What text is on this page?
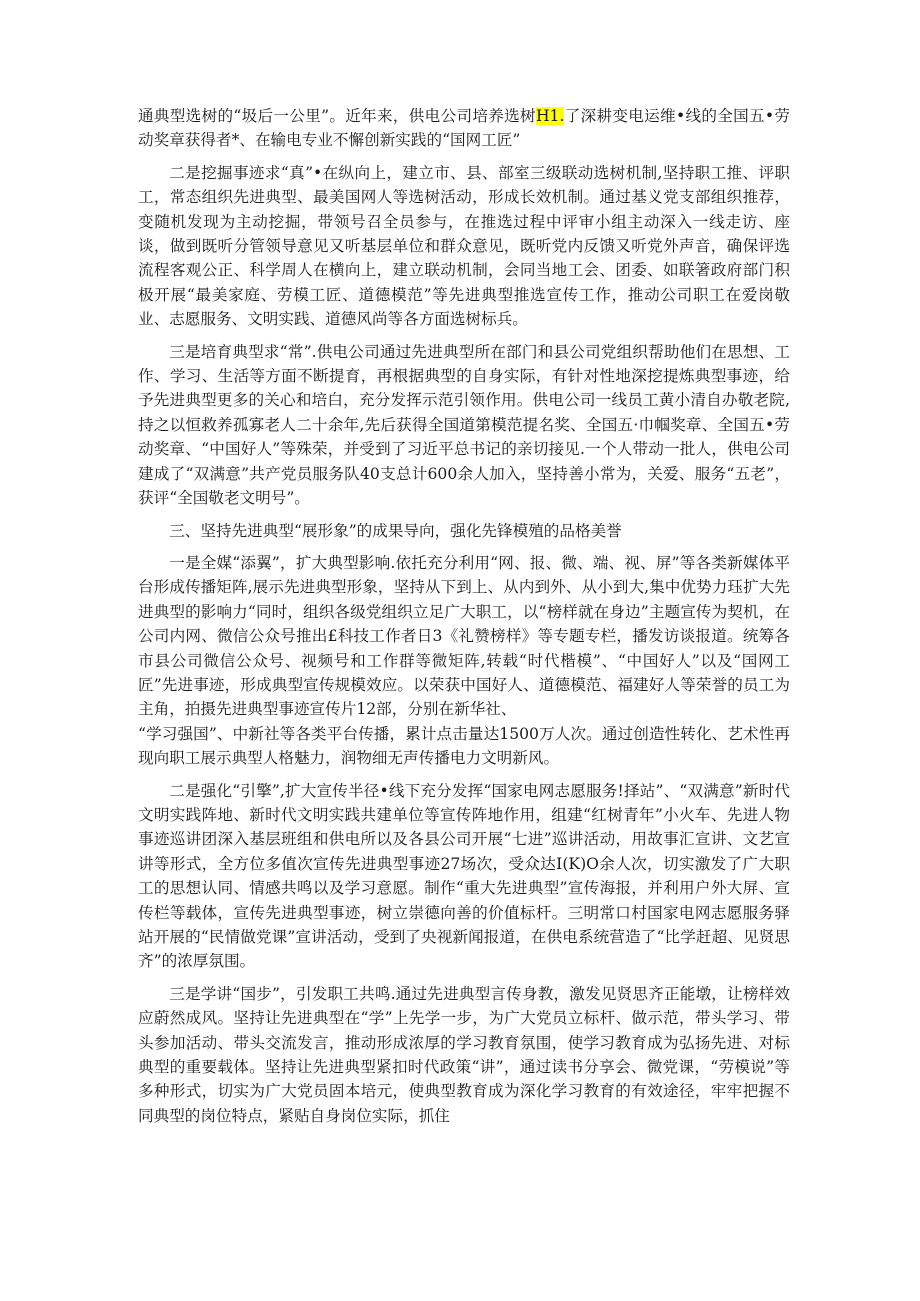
通典型选树的“圾后一公里”。近年来，供电公司培养选树H1.了深耕变电运维•线的全国五•劳动奖章获得者*、在输电专业不懈创新实践的“国网工匠”

二是挖掘事迹求“真”•在纵向上，建立市、县、部室三级联动选树机制,坚持职工推、评职工，常态组织先进典型、最美国网人等选树活动，形成长效机制。通过基义党支部组织推荐，变随机发现为主动挖掘，带领号召全员参与，在推选过程中评审小组主动深入一线走访、座谈，做到既听分管领导意见又听基层单位和群众意见，既听党内反馈又听党外声音，确保评选流程客观公正、科学周人在横向上，建立联动机制，会同当地工会、团委、如联箸政府部门积极开展“最美家庭、劳模工匠、道德模范”等先进典型推选宣传工作，推动公司职工在爱岗敬业、志愿服务、文明实践、道德风尚等各方面选树标兵。

三是培育典型求“常”.供电公司通过先进典型所在部门和县公司党组织帮助他们在思想、工作、学习、生活等方面不断提育，再根据典型的自身实际，有针对性地深挖提炼典型事迹，给予先进典型更多的关心和培白，充分发挥示范引领作用。供电公司一线员工黄小清自办敬老院,持之以恒救养孤寡老人二十余年,先后获得全国道第模范提名奖、全国五·巾帼奖章、全国五•劳动奖章、“中国好人”等殊荣，并受到了习近平总书记的亲切接见.一个人带动一批人，供电公司建成了“双满意”共产党员服务队40支总计600余人加入，坚持善小常为，关爱、服务“五老”，获评“全国敬老文明号”。

三、坚持先进典型“展形象”的成果导向，强化先锋模殖的品格美誉

一是全媒“添翼”，扩大典型影响.依托充分利用“网、报、微、端、视、屏”等各类新媒体平台形成传播矩阵,展示先进典型形象，坚持从下到上、从内到外、从小到大,集中优势力珏扩大先进典型的影响力“同时，组织各级党组织立足广大职工，以“榜样就在身边”主题宣传为契机，在公司内网、微信公众号推出£科技工作者日3《礼赞榜样》等专题专栏，播发访谈报道。统筹各市县公司微信公众号、视频号和工作群等微矩阵,转载“时代楷模”、“中国好人”以及“国网工匠”先进事迹，形成典型宣传规模效应。以荣获中国好人、道德模范、福建好人等荣誉的员工为主角，拍摄先进典型事迹宣传片12部，分别在新华社、

“学习强国”、中新社等各类平台传播，累计点击量达1500万人次。通过创造性转化、艺术性再现向职工展示典型人格魅力，润物细无声传播电力文明新风。

二是强化“引擎”,扩大宣传半径•线下充分发挥“国家电网志愿服务!择站”、“双满意”新时代文明实践阵地、新时代文明实践共建单位等宣传阵地作用，组建“红树青年”小火车、先进人物事迹巡讲团深入基层班组和供电所以及各县公司开展“七进”巡讲活动，用故事汇宣讲、文艺宣讲等形式，全方位多值次宣传先进典型事迹27场次，受众达I(K)O余人次，切实激发了广大职工的思想认同、情感共鸣以及学习意愿。制作“重大先进典型”宣传海报，并利用户外大屏、宣传栏等载体，宣传先进典型事迹，树立崇德向善的价值标杆。三明常口村国家电网志愿服务驿站开展的“民情做党课”宣讲活动，受到了央视新闻报道，在供电系统营造了“比学赶超、见贤思齐”的浓厚氛围。

三是学讲“国步”，引发职工共鸣.通过先进典型言传身教，激发见贤思齐正能墩，让榜样效应蔚然成风。坚持让先进典型在“学”上先学一步，为广大党员立标杆、做示范，带头学习、带头参加活动、带头交流发言，推动形成浓厚的学习教育氛围，使学习教育成为弘扬先进、对标典型的重要载体。坚持让先进典型紧扣时代政策“讲”，通过读书分享会、微党课，“劳模说”等多种形式，切实为广大党员固本培元，使典型教育成为深化学习教育的有效途径，牢牢把握不同典型的岗位特点，紧贴自身岗位实际，抓住
